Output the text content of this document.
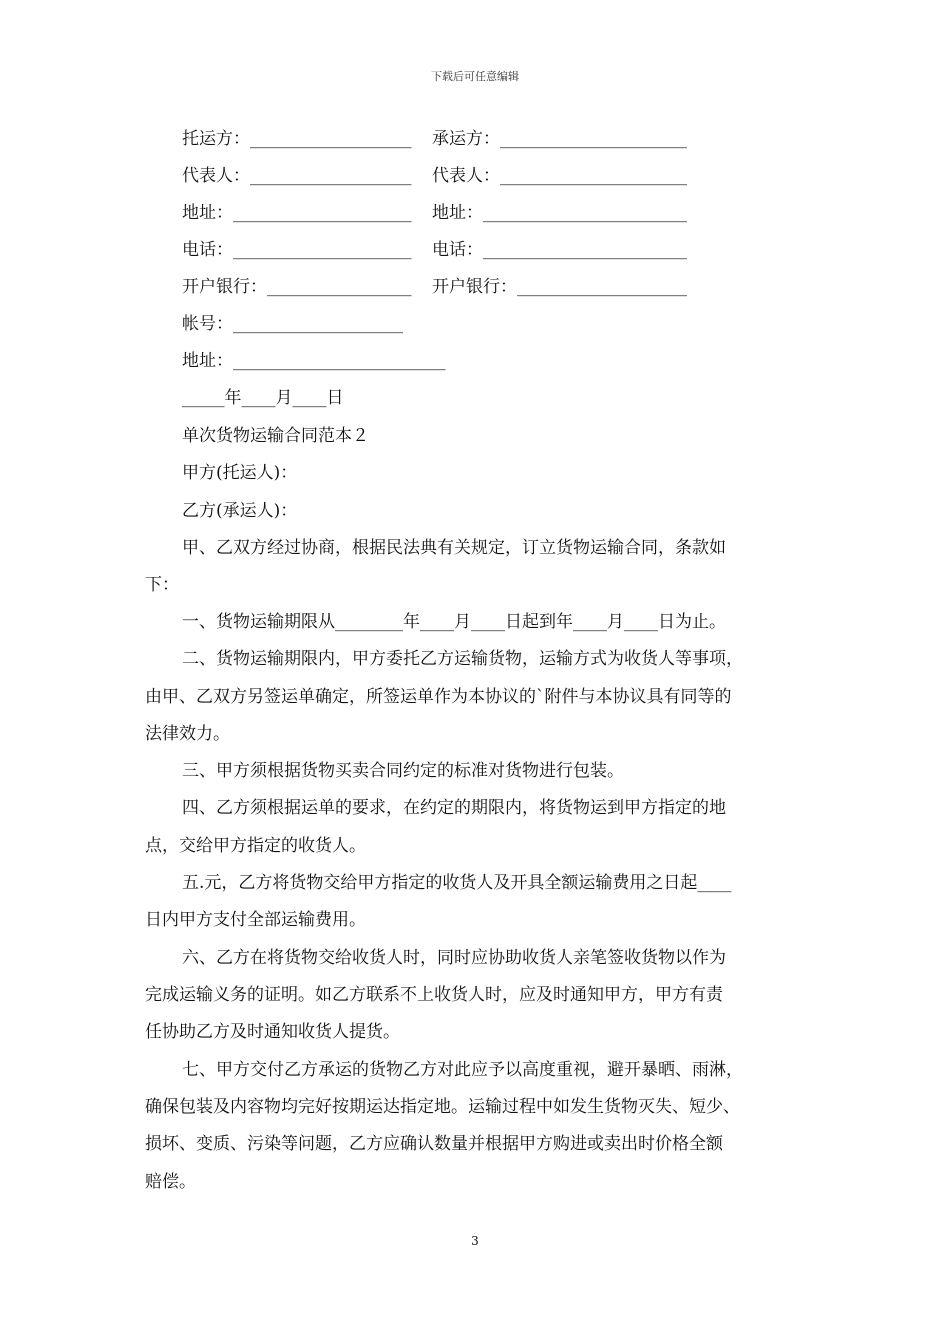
下载后可任意编辑
托运方：___________________ 承运方：______________________
代表人：___________________ 代表人：______________________
地址：_____________________ 地址：________________________
电话：_____________________ 电话：________________________
开户银行：_________________ 开户银行：____________________
帐号：____________________
地址：_________________________
_____年____月____日
单次货物运输合同范本２
甲方(托运人)：
乙方(承运人)：
甲、乙双方经过协商，根据民法典有关规定，订立货物运输合同，条款如
下：
一、货物运输期限从________年____月____日起到年____月____日为止。
二、货物运输期限内，甲方委托乙方运输货物，运输方式为收货人等事项，
由甲、乙双方另签运单确定，所签运单作为本协议的`附件与本协议具有同等的
法律效力。
三、甲方须根据货物买卖合同约定的标准对货物进行包装。
四、乙方须根据运单的要求，在约定的期限内，将货物运到甲方指定的地
点，交给甲方指定的收货人。
五.元，乙方将货物交给甲方指定的收货人及开具全额运输费用之日起____
日内甲方支付全部运输费用。
六、乙方在将货物交给收货人时，同时应协助收货人亲笔签收货物以作为
完成运输义务的证明。如乙方联系不上收货人时，应及时通知甲方，甲方有责
任协助乙方及时通知收货人提货。
七、甲方交付乙方承运的货物乙方对此应予以高度重视，避开暴晒、雨淋，
确保包装及内容物均完好按期运达指定地。运输过程中如发生货物灭失、短少、
损坏、变质、污染等问题，乙方应确认数量并根据甲方购进或卖出时价格全额
赔偿。
3
